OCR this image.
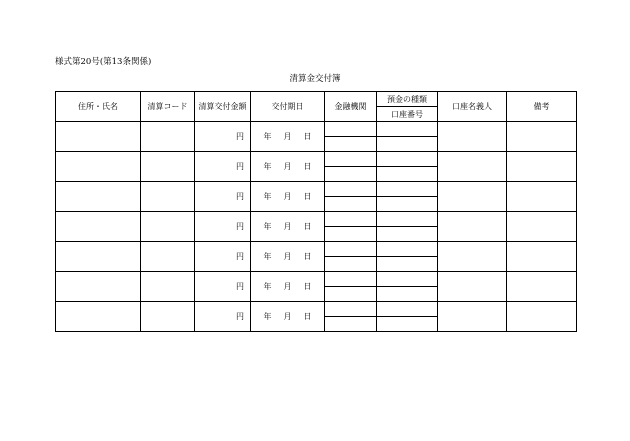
様式第20号(第13条関係)
清算金交付簿
住所・氏名	清算コード	清算交付金額	交付期日	金融機関	預金の種類	口座名義人	備考
					口座番号		
		円	年 月 日				

		円	年 月 日				

		円	年 月 日				

		円	年 月 日				

		円	年 月 日				

		円	年 月 日				

		円	年 月 日				
